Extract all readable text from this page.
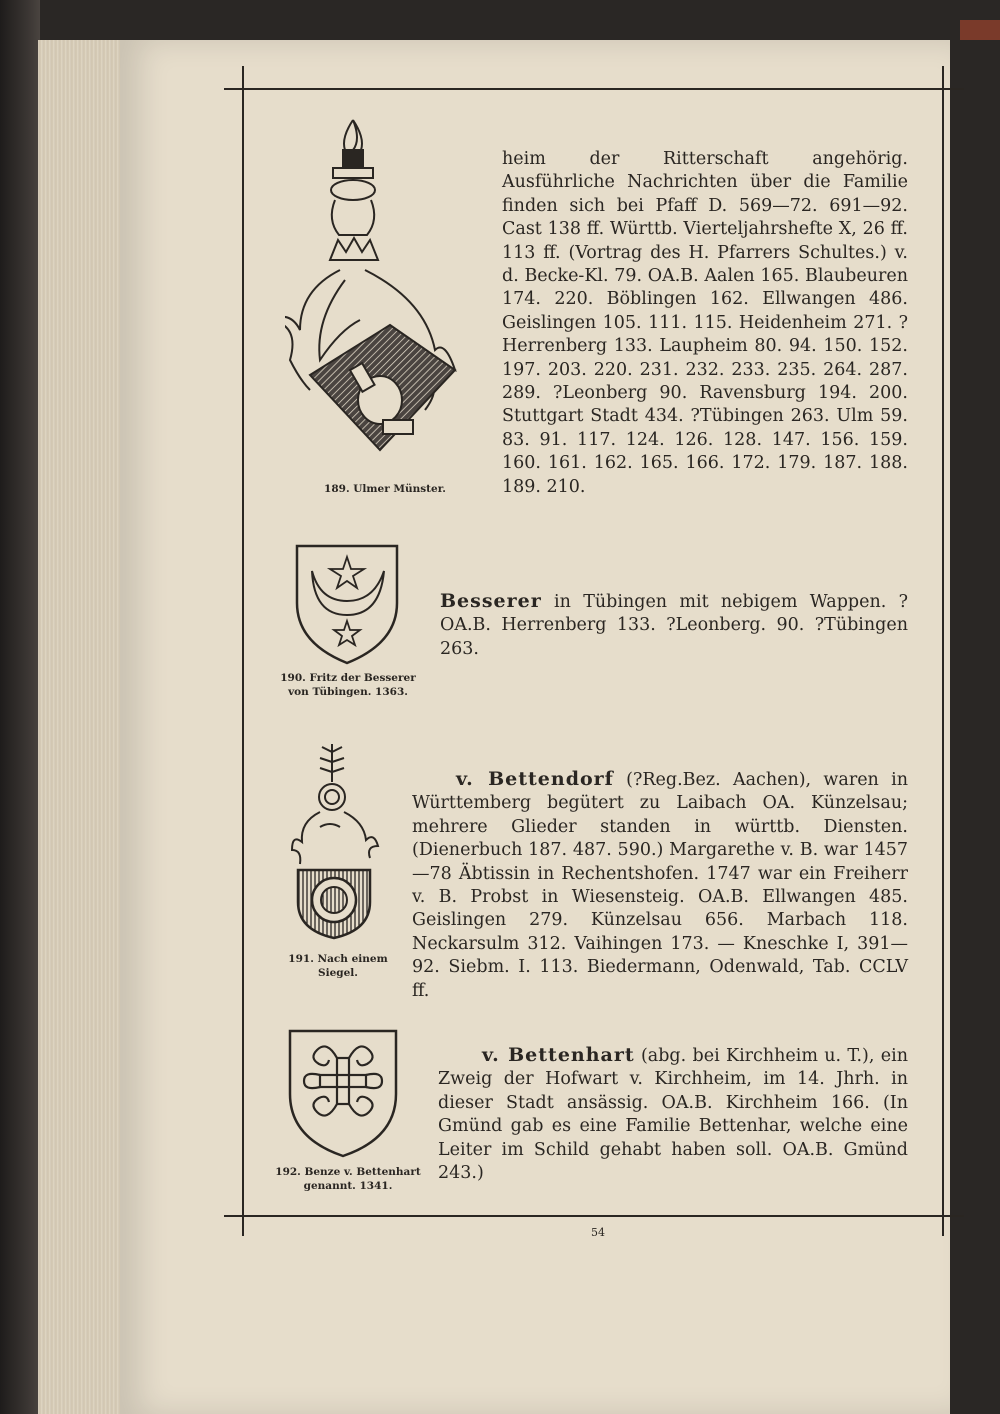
189. Ulmer Münster.
heim der Ritterschaft angehörig. Ausführliche Nachrichten über die Familie finden sich bei Pfaff D. 569—72. 691—92. Cast 138 ff. Württb. Vierteljahrshefte X, 26 ff. 113 ff. (Vortrag des H. Pfarrers Schultes.) v. d. Becke-Kl. 79. OA.B. Aalen 165. Blaubeuren 174. 220. Böblingen 162. Ellwangen 486. Geislingen 105. 111. 115. Heidenheim 271. ?Herrenberg 133. Laupheim 80. 94. 150. 152. 197. 203. 220. 231. 232. 233. 235. 264. 287. 289. ?Leonberg 90. Ravensburg 194. 200. Stuttgart Stadt 434. ?Tübingen 263. Ulm 59. 83. 91. 117. 124. 126. 128. 147. 156. 159. 160. 161. 162. 165. 166. 172. 179. 187. 188. 189. 210.
190. Fritz der Besserer
von Tübingen. 1363.
Besserer in Tübingen mit nebigem Wappen. ?OA.B. Herrenberg 133. ?Leonberg. 90. ?Tübingen 263.
191. Nach einem
Siegel.
v. Bettendorf (?Reg.Bez. Aachen), waren in Württemberg begütert zu Laibach OA. Künzelsau; mehrere Glieder standen in württb. Diensten. (Dienerbuch 187. 487. 590.) Margarethe v. B. war 1457—78 Äbtissin in Rechentshofen. 1747 war ein Freiherr v. B. Probst in Wiesensteig. OA.B. Ellwangen 485. Geislingen 279. Künzelsau 656. Marbach 118. Neckarsulm 312. Vaihingen 173. — Kneschke I, 391—92. Siebm. I. 113. Biedermann, Odenwald, Tab. CCLV ff.
192. Benze v. Bettenhart
genannt. 1341.
v. Bettenhart (abg. bei Kirchheim u. T.), ein Zweig der Hofwart v. Kirchheim, im 14. Jhrh. in dieser Stadt ansässig. OA.B. Kirchheim 166. (In Gmünd gab es eine Familie Bettenhar, welche eine Leiter im Schild gehabt haben soll. OA.B. Gmünd 243.)
54
